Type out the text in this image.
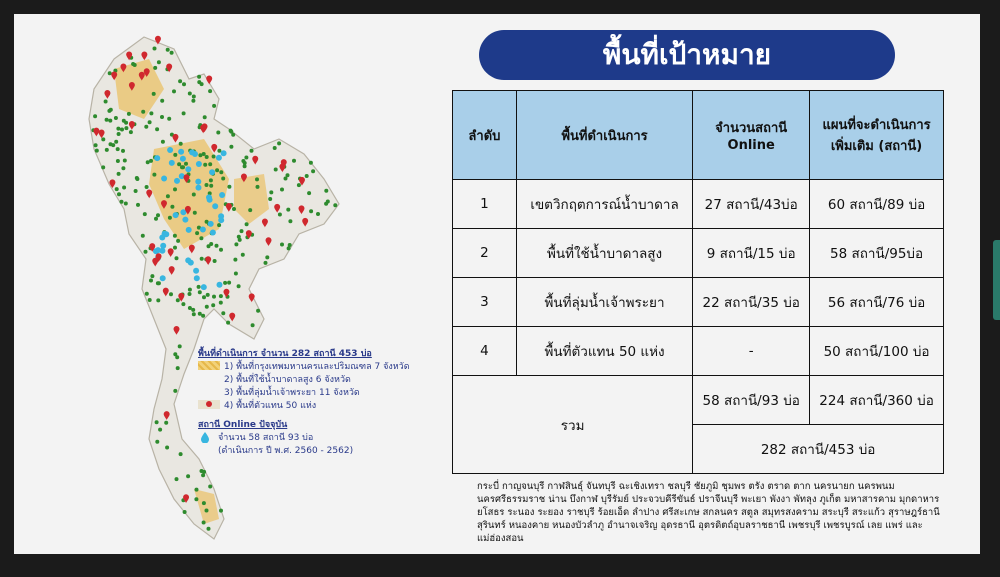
พื้นที่เป้าหมาย
ลำดับ	พื้นที่ดำเนินการ	จำนวนสถานี Online	แผนที่จะดำเนินการเพิ่มเติม (สถานี)
1	เขตวิกฤตการณ์น้ำบาดาล	27 สถานี/43บ่อ	60 สถานี/89 บ่อ
2	พื้นที่ใช้น้ำบาดาลสูง	9 สถานี/15 บ่อ	58 สถานี/95บ่อ
3	พื้นที่ลุ่มน้ำเจ้าพระยา	22 สถานี/35 บ่อ	56 สถานี/76 บ่อ
4	พื้นที่ตัวแทน 50 แห่ง	-	50 สถานี/100 บ่อ
รวม		58 สถานี/93 บ่อ	224 สถานี/360 บ่อ
		282 สถานี/453 บ่อ	
กระบี่ กาญจนบุรี กาฬสินธุ์ จันทบุรี ฉะเชิงเทรา ชลบุรี ชัยภูมิ ชุมพร ตรัง ตราด ตาก นครนายก นครพนม นครศรีธรรมราช น่าน บึงกาฬ บุรีรัมย์ ประจวบคีรีขันธ์ ปราจีนบุรี พะเยา พังงา พัทลุง ภูเก็ต มหาสารคาม มุกดาหาร ยโสธร ระนอง ระยอง ราชบุรี ร้อยเอ็ด ลำปาง ศรีสะเกษ สกลนคร สตูล สมุทรสงคราม สระบุรี สระแก้ว สุราษฎร์ธานี สุรินทร์ หนองคาย หนองบัวลำภู อำนาจเจริญ อุดรธานี อุตรดิตถ์อุบลราชธานี เพชรบุรี เพชรบูรณ์ เลย แพร่ และแม่ฮ่องสอน
พื้นที่ดำเนินการ จำนวน 282 สถานี 453 บ่อ
1) พื้นที่กรุงเทพมหานครและปริมณฑล 7 จังหวัด
2) พื้นที่ใช้น้ำบาดาลสูง 6 จังหวัด
3) พื้นที่ลุ่มน้ำเจ้าพระยา 11 จังหวัด
4) พื้นที่ตัวแทน 50 แห่ง
สถานี Online ปัจจุบัน
จำนวน 58 สถานี 93 บ่อ
(ดำเนินการ ปี พ.ศ. 2560 - 2562)
